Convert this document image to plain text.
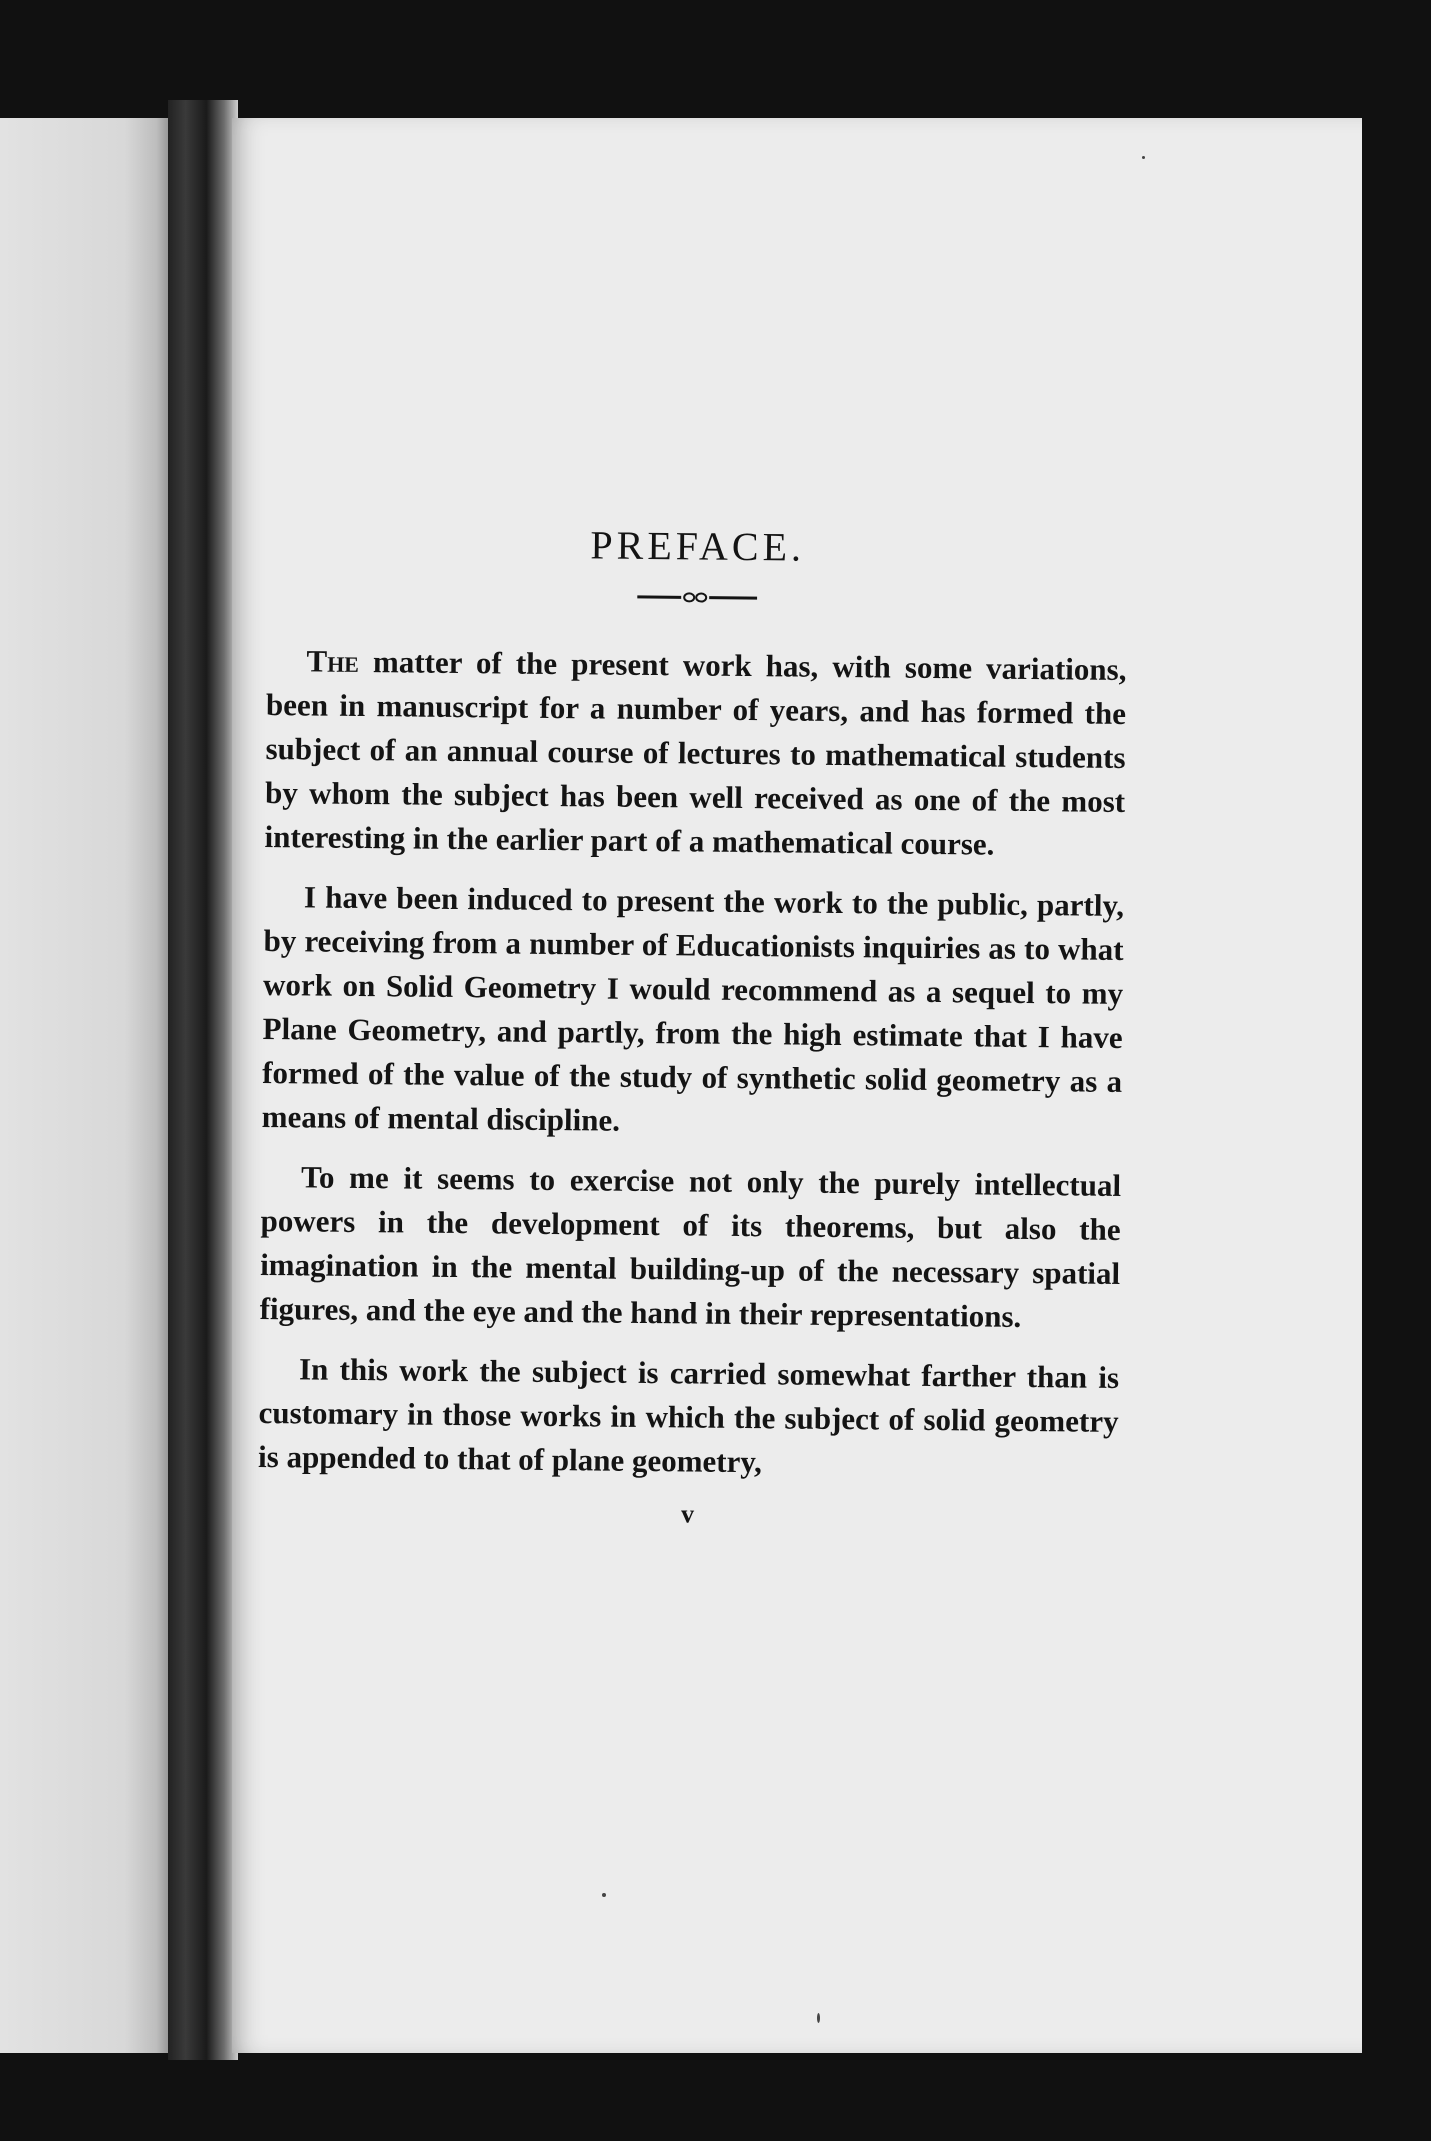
PREFACE.

The matter of the present work has, with some variations, been in manuscript for a number of years, and has formed the subject of an annual course of lectures to mathematical students by whom the subject has been well received as one of the most interesting in the earlier part of a mathematical course.

I have been induced to present the work to the public, partly, by receiving from a number of Educationists inquiries as to what work on Solid Geometry I would recommend as a sequel to my Plane Geometry, and partly, from the high estimate that I have formed of the value of the study of synthetic solid geometry as a means of mental discipline.

To me it seems to exercise not only the purely intellectual powers in the development of its theorems, but also the imagination in the mental building-up of the necessary spatial figures, and the eye and the hand in their representations.

In this work the subject is carried somewhat farther than is customary in those works in which the subject of solid geometry is appended to that of plane geometry,

v
